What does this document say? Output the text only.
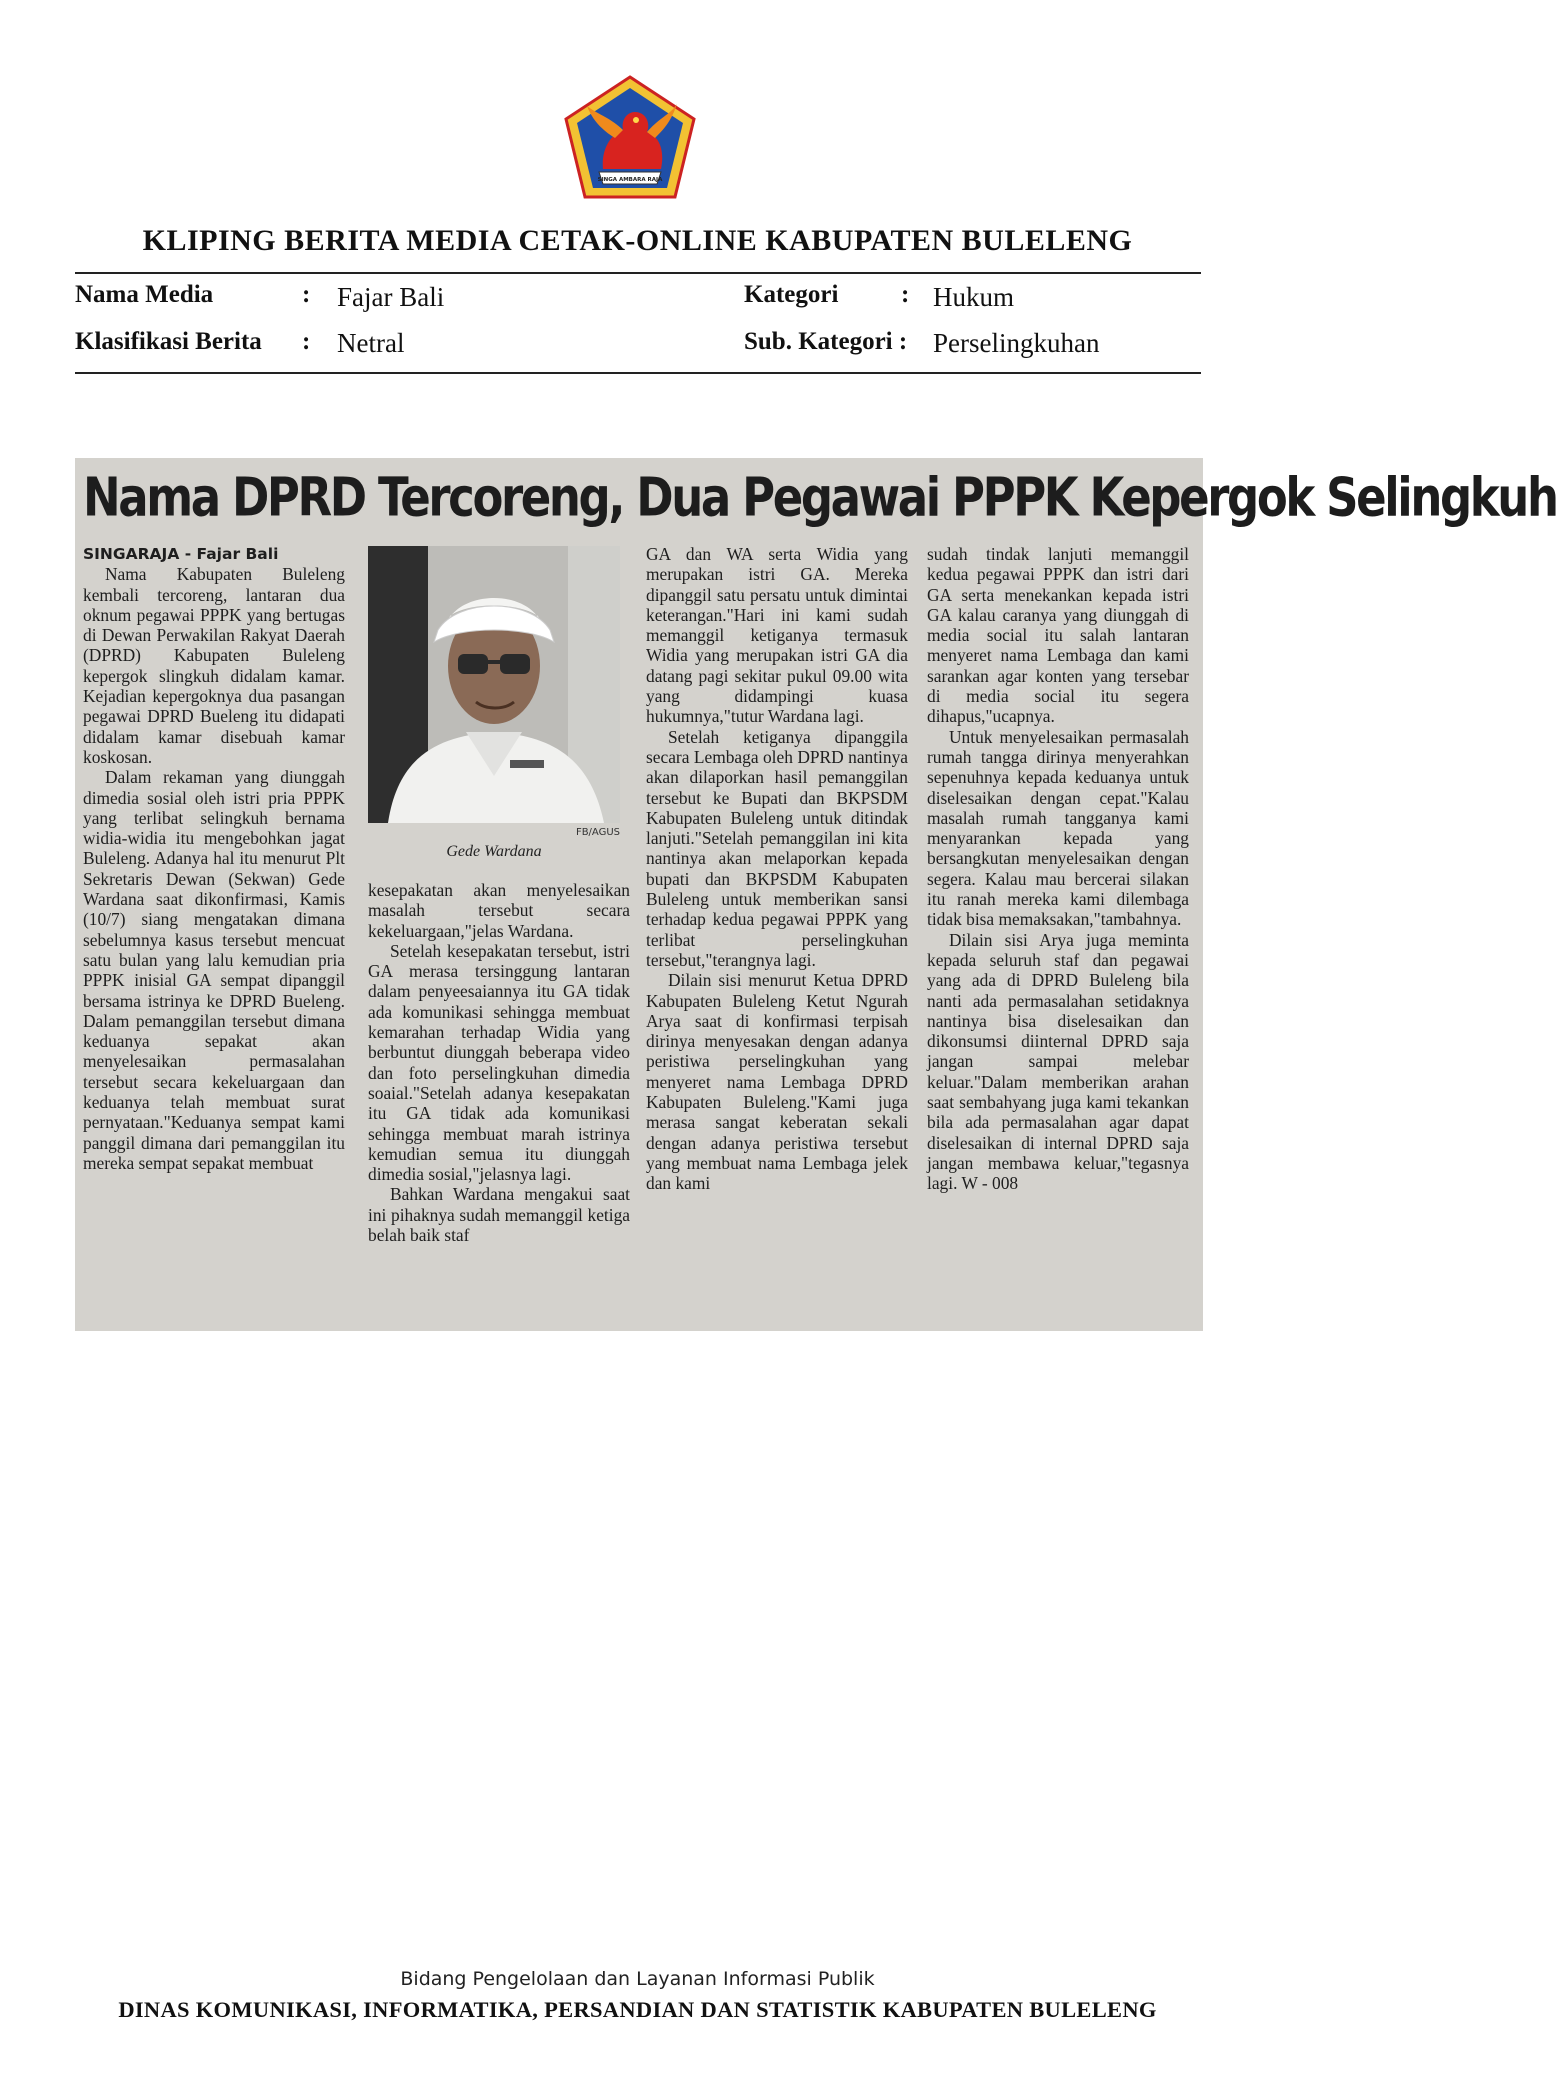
SINGA AMBARA RAJA
KLIPING BERITA MEDIA CETAK-ONLINE KABUPATEN BULELENG
Nama Media	: Fajar Bali	Kategori	: Hukum
Klasifikasi Berita : Netral	Sub. Kategori : Perselingkuhan
Nama DPRD Tercoreng, Dua Pegawai PPPK Kepergok Selingkuh
SINGARAJA - Fajar Bali

Nama Kabupaten Buleleng kembali tercoreng, lantaran dua oknum pegawai PPPK yang bertugas di Dewan Perwakilan Rakyat Daerah (DPRD) Kabupaten Buleleng kepergok slingkuh didalam kamar. Kejadian kepergoknya dua pasangan pegawai DPRD Bueleng itu didapati didalam kamar disebuah kamar koskosan.

Dalam rekaman yang diunggah dimedia sosial oleh istri pria PPPK yang terlibat selingkuh bernama widia-widia itu mengebohkan jagat Buleleng. Adanya hal itu menurut Plt Sekretaris Dewan (Sekwan) Gede Wardana saat dikonfirmasi, Kamis (10/7) siang mengatakan dimana sebelumnya kasus tersebut mencuat satu bulan yang lalu kemudian pria PPPK inisial GA sempat dipanggil bersama istrinya ke DPRD Bueleng. Dalam pemanggilan tersebut dimana keduanya sepakat akan menyelesaikan permasalahan tersebut secara kekeluargaan dan keduanya telah membuat surat pernyataan."Keduanya sempat kami panggil dimana dari pemanggilan itu mereka sempat sepakat membuat

FB/AGUS
Gede Wardana

kesepakatan akan menyelesaikan masalah tersebut secara kekeluargaan,"jelas Wardana.

Setelah kesepakatan tersebut, istri GA merasa tersinggung lantaran dalam penyeesaiannya itu GA tidak ada komunikasi sehingga membuat kemarahan terhadap Widia yang berbuntut diunggah beberapa video dan foto perselingkuhan dimedia soaial."Setelah adanya kesepakatan itu GA tidak ada komunikasi sehingga membuat marah istrinya kemudian semua itu diunggah dimedia sosial,"jelasnya lagi.

Bahkan Wardana mengakui saat ini pihaknya sudah memanggil ketiga belah baik staf

GA dan WA serta Widia yang merupakan istri GA. Mereka dipanggil satu persatu untuk dimintai keterangan."Hari ini kami sudah memanggil ketiganya termasuk Widia yang merupakan istri GA dia datang pagi sekitar pukul 09.00 wita yang didampingi kuasa hukumnya,"tutur Wardana lagi.

Setelah ketiganya dipanggila secara Lembaga oleh DPRD nantinya akan dilaporkan hasil pemanggilan tersebut ke Bupati dan BKPSDM Kabupaten Buleleng untuk ditindak lanjuti."Setelah pemanggilan ini kita nantinya akan melaporkan kepada bupati dan BKPSDM Kabupaten Buleleng untuk memberikan sansi terhadap kedua pegawai PPPK yang terlibat perselingkuhan tersebut,"terangnya lagi.

Dilain sisi menurut Ketua DPRD Kabupaten Buleleng Ketut Ngurah Arya saat di konfirmasi terpisah dirinya menyesakan dengan adanya peristiwa perselingkuhan yang menyeret nama Lembaga DPRD Kabupaten Buleleng."Kami juga merasa sangat keberatan sekali dengan adanya peristiwa tersebut yang membuat nama Lembaga jelek dan kami

sudah tindak lanjuti memanggil kedua pegawai PPPK dan istri dari GA serta menekankan kepada istri GA kalau caranya yang diunggah di media social itu salah lantaran menyeret nama Lembaga dan kami sarankan agar konten yang tersebar di media social itu segera dihapus,"ucapnya.

Untuk menyelesaikan permasalah rumah tangga dirinya menyerahkan sepenuhnya kepada keduanya untuk diselesaikan dengan cepat."Kalau masalah rumah tangganya kami menyarankan kepada yang bersangkutan menyelesaikan dengan segera. Kalau mau bercerai silakan itu ranah mereka kami dilembaga tidak bisa memaksakan,"tambahnya.

Dilain sisi Arya juga meminta kepada seluruh staf dan pegawai yang ada di DPRD Buleleng bila nanti ada permasalahan setidaknya nantinya bisa diselesaikan dan dikonsumsi diinternal DPRD saja jangan sampai melebar keluar."Dalam memberikan arahan saat sembahyang juga kami tekankan bila ada permasalahan agar dapat diselesaikan di internal DPRD saja jangan membawa keluar,"tegasnya lagi. W - 008

Bidang Pengelolaan dan Layanan Informasi Publik
DINAS KOMUNIKASI, INFORMATIKA, PERSANDIAN DAN STATISTIK KABUPATEN BULELENG
